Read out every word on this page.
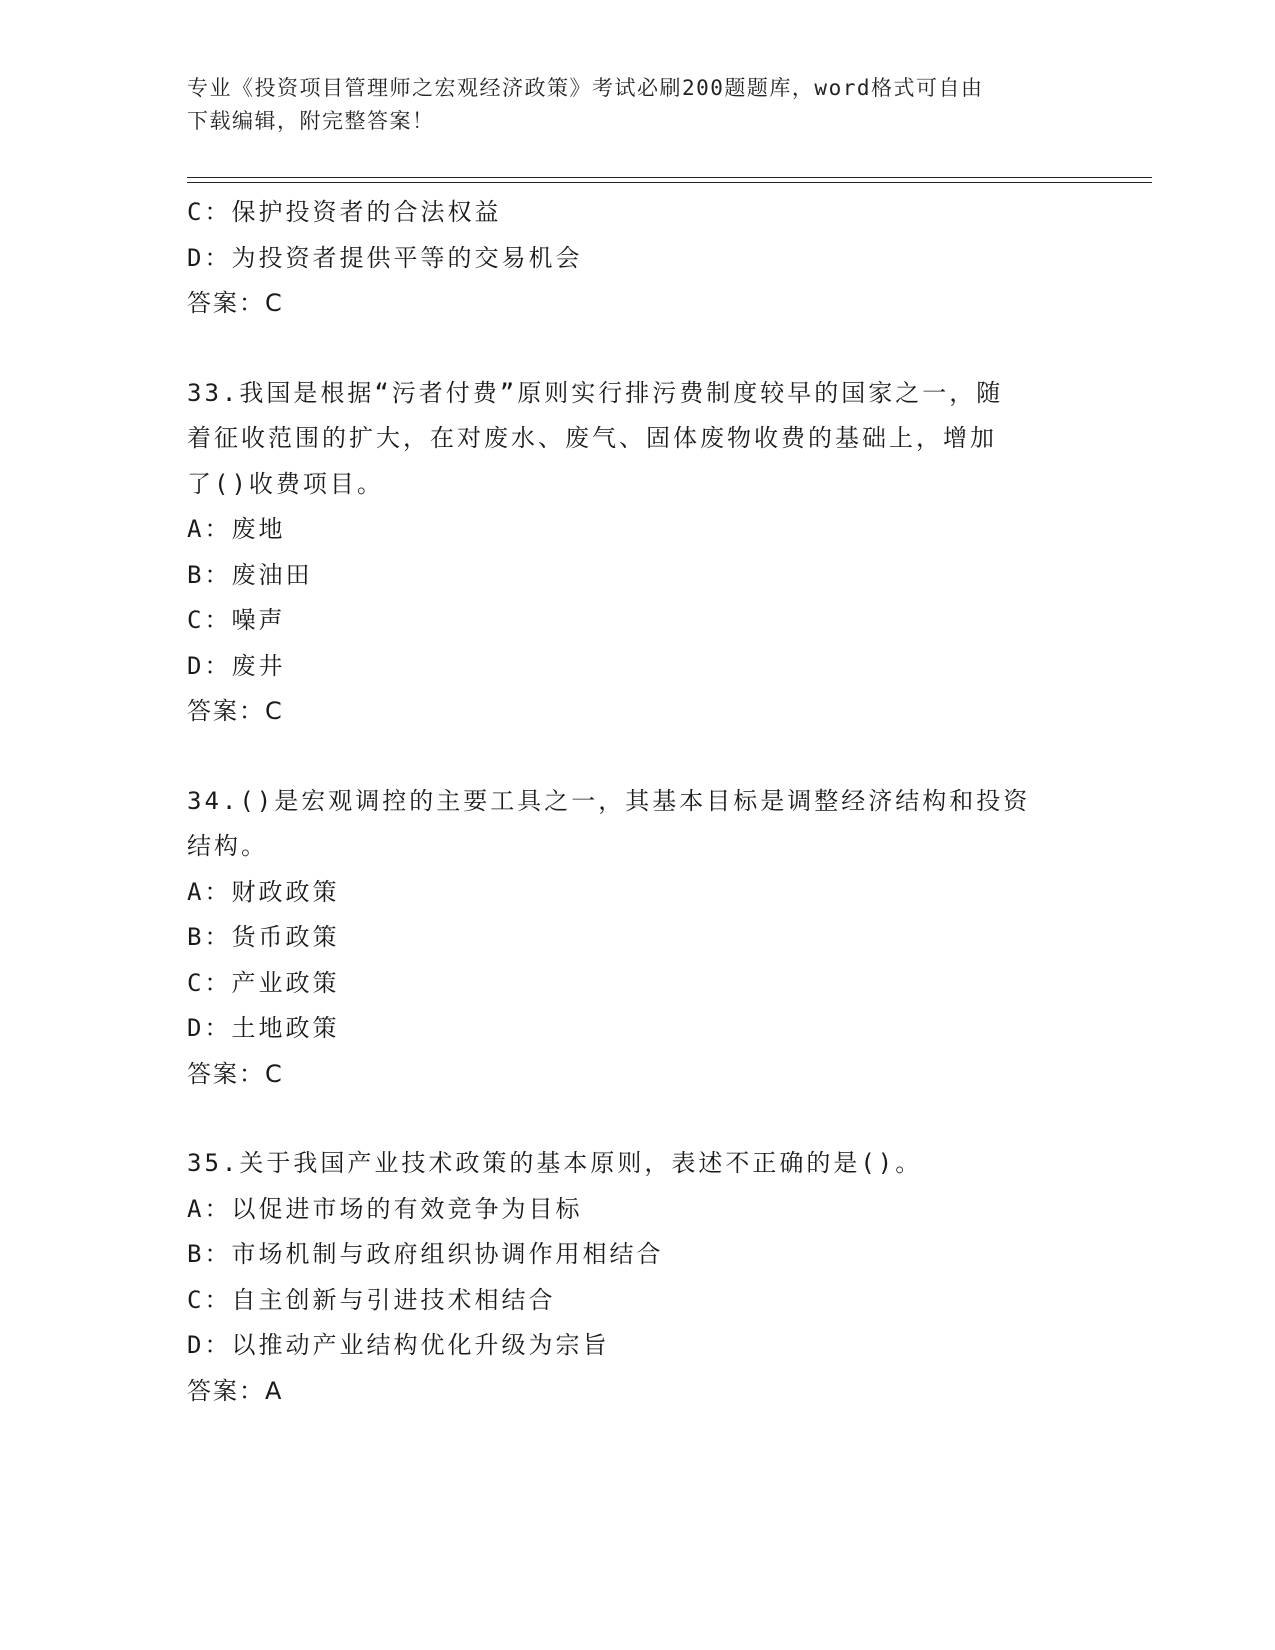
专业《投资项目管理师之宏观经济政策》考试必刷200题题库，word格式可自由
下载编辑，附完整答案！
C：保护投资者的合法权益
D：为投资者提供平等的交易机会
答案：C
33.我国是根据“污者付费”原则实行排污费制度较早的国家之一，随
着征收范围的扩大，在对废水、废气、固体废物收费的基础上，增加
了()收费项目。
A：废地
B：废油田
C：噪声
D：废井
答案：C
34.()是宏观调控的主要工具之一，其基本目标是调整经济结构和投资
结构。
A：财政政策
B：货币政策
C：产业政策
D：土地政策
答案：C
35.关于我国产业技术政策的基本原则，表述不正确的是()。
A：以促进市场的有效竞争为目标
B：市场机制与政府组织协调作用相结合
C：自主创新与引进技术相结合
D：以推动产业结构优化升级为宗旨
答案：A
